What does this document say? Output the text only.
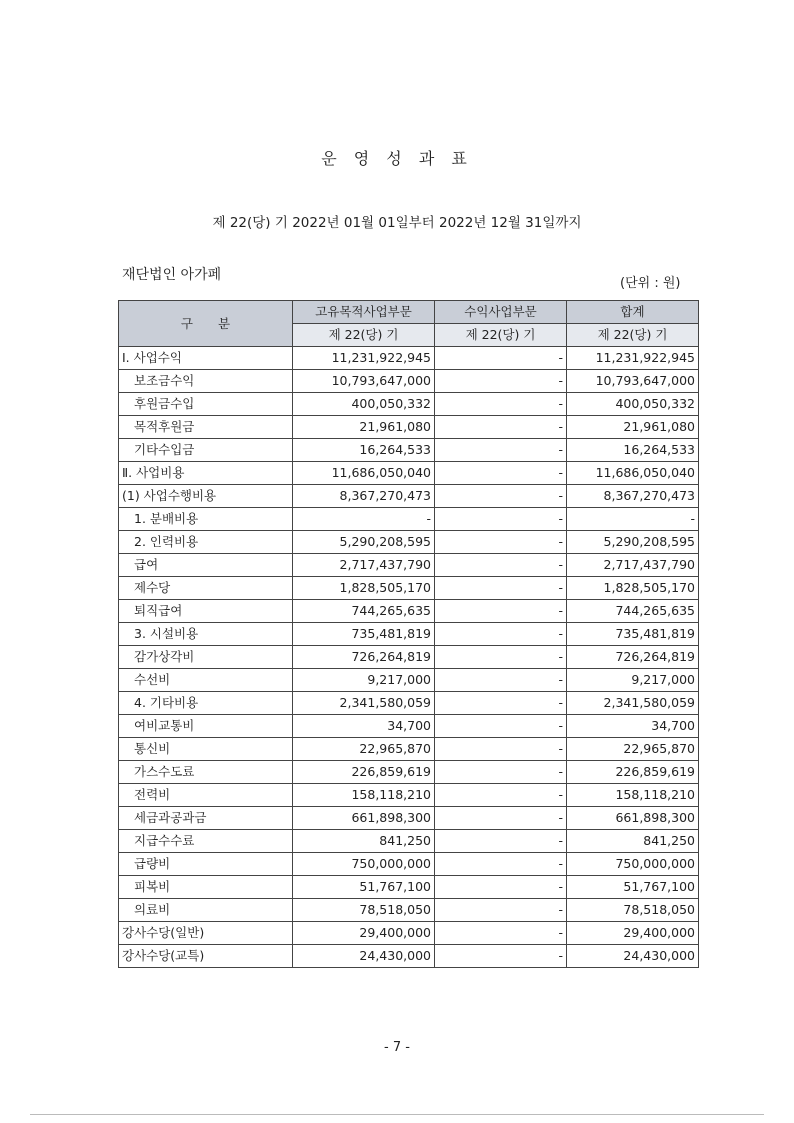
운 영 성 과 표
제 22(당) 기 2022년 01월 01일부터 2022년 12월 31일까지
재단법인 아가페
(단위 : 원)
구　　분	고유목적사업부문	수익사업부문	합계
	제 22(당) 기	제 22(당) 기	제 22(당) 기
Ⅰ. 사업수익	11,231,922,945	-	11,231,922,945
보조금수익	10,793,647,000	-	10,793,647,000
후원금수입	400,050,332	-	400,050,332
목적후원금	21,961,080	-	21,961,080
기타수입금	16,264,533	-	16,264,533
Ⅱ. 사업비용	11,686,050,040	-	11,686,050,040
(1) 사업수행비용	8,367,270,473	-	8,367,270,473
1. 분배비용	-	-	-
2. 인력비용	5,290,208,595	-	5,290,208,595
급여	2,717,437,790	-	2,717,437,790
제수당	1,828,505,170	-	1,828,505,170
퇴직급여	744,265,635	-	744,265,635
3. 시설비용	735,481,819	-	735,481,819
감가상각비	726,264,819	-	726,264,819
수선비	9,217,000	-	9,217,000
4. 기타비용	2,341,580,059	-	2,341,580,059
여비교통비	34,700	-	34,700
통신비	22,965,870	-	22,965,870
가스수도료	226,859,619	-	226,859,619
전력비	158,118,210	-	158,118,210
세금과공과금	661,898,300	-	661,898,300
지급수수료	841,250	-	841,250
급량비	750,000,000	-	750,000,000
피복비	51,767,100	-	51,767,100
의료비	78,518,050	-	78,518,050
강사수당(일반)	29,400,000	-	29,400,000
강사수당(교특)	24,430,000	-	24,430,000
- 7 -
